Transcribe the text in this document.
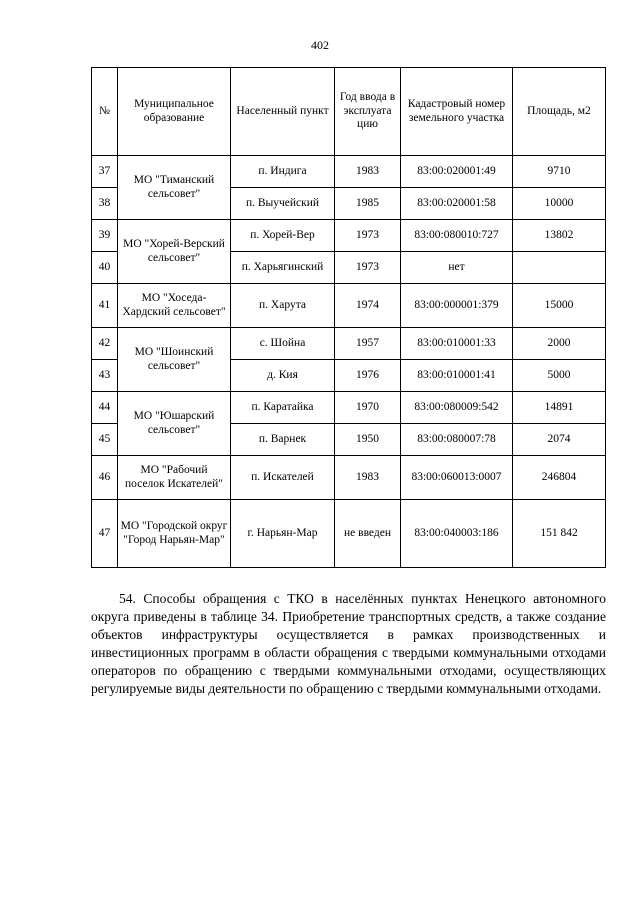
402
№	Муниципальное образование	Населенный пункт	Год ввода в эксплуата цию	Кадастровый номер земельного участка	Площадь, м2
37	МО "Тиманский сельсовет"	п. Индига	1983	83:00:020001:49	9710
38		п. Выучейский	1985	83:00:020001:58	10000
39	МО "Хорей-Верский сельсовет"	п. Хорей-Вер	1973	83:00:080010:727	13802
40		п. Харьягинский	1973	нет	
41	МО "Хоседа-Хардский сельсовет"	п. Харута	1974	83:00:000001:379	15000
42	МО "Шоинский сельсовет"	с. Шойна	1957	83:00:010001:33	2000
43		д. Кия	1976	83:00:010001:41	5000
44	МО "Юшарский сельсовет"	п. Каратайка	1970	83:00:080009:542	14891
45		п. Варнек	1950	83:00:080007:78	2074
46	МО "Рабочий поселок Искателей"	п. Искателей	1983	83:00:060013:0007	246804
47	МО "Городской округ "Город Нарьян-Мар"	г. Нарьян-Мар	не введен	83:00:040003:186	151 842

54. Способы обращения с ТКО в населённых пунктах Ненецкого автономного округа приведены в таблице 34. Приобретение транспортных средств, а также создание объектов инфраструктуры осуществляется в рамках производственных и инвестиционных программ в области обращения с твердыми коммунальными отходами операторов по обращению с твердыми коммунальными отходами, осуществляющих регулируемые виды деятельности по обращению с твердыми коммунальными отходами.
